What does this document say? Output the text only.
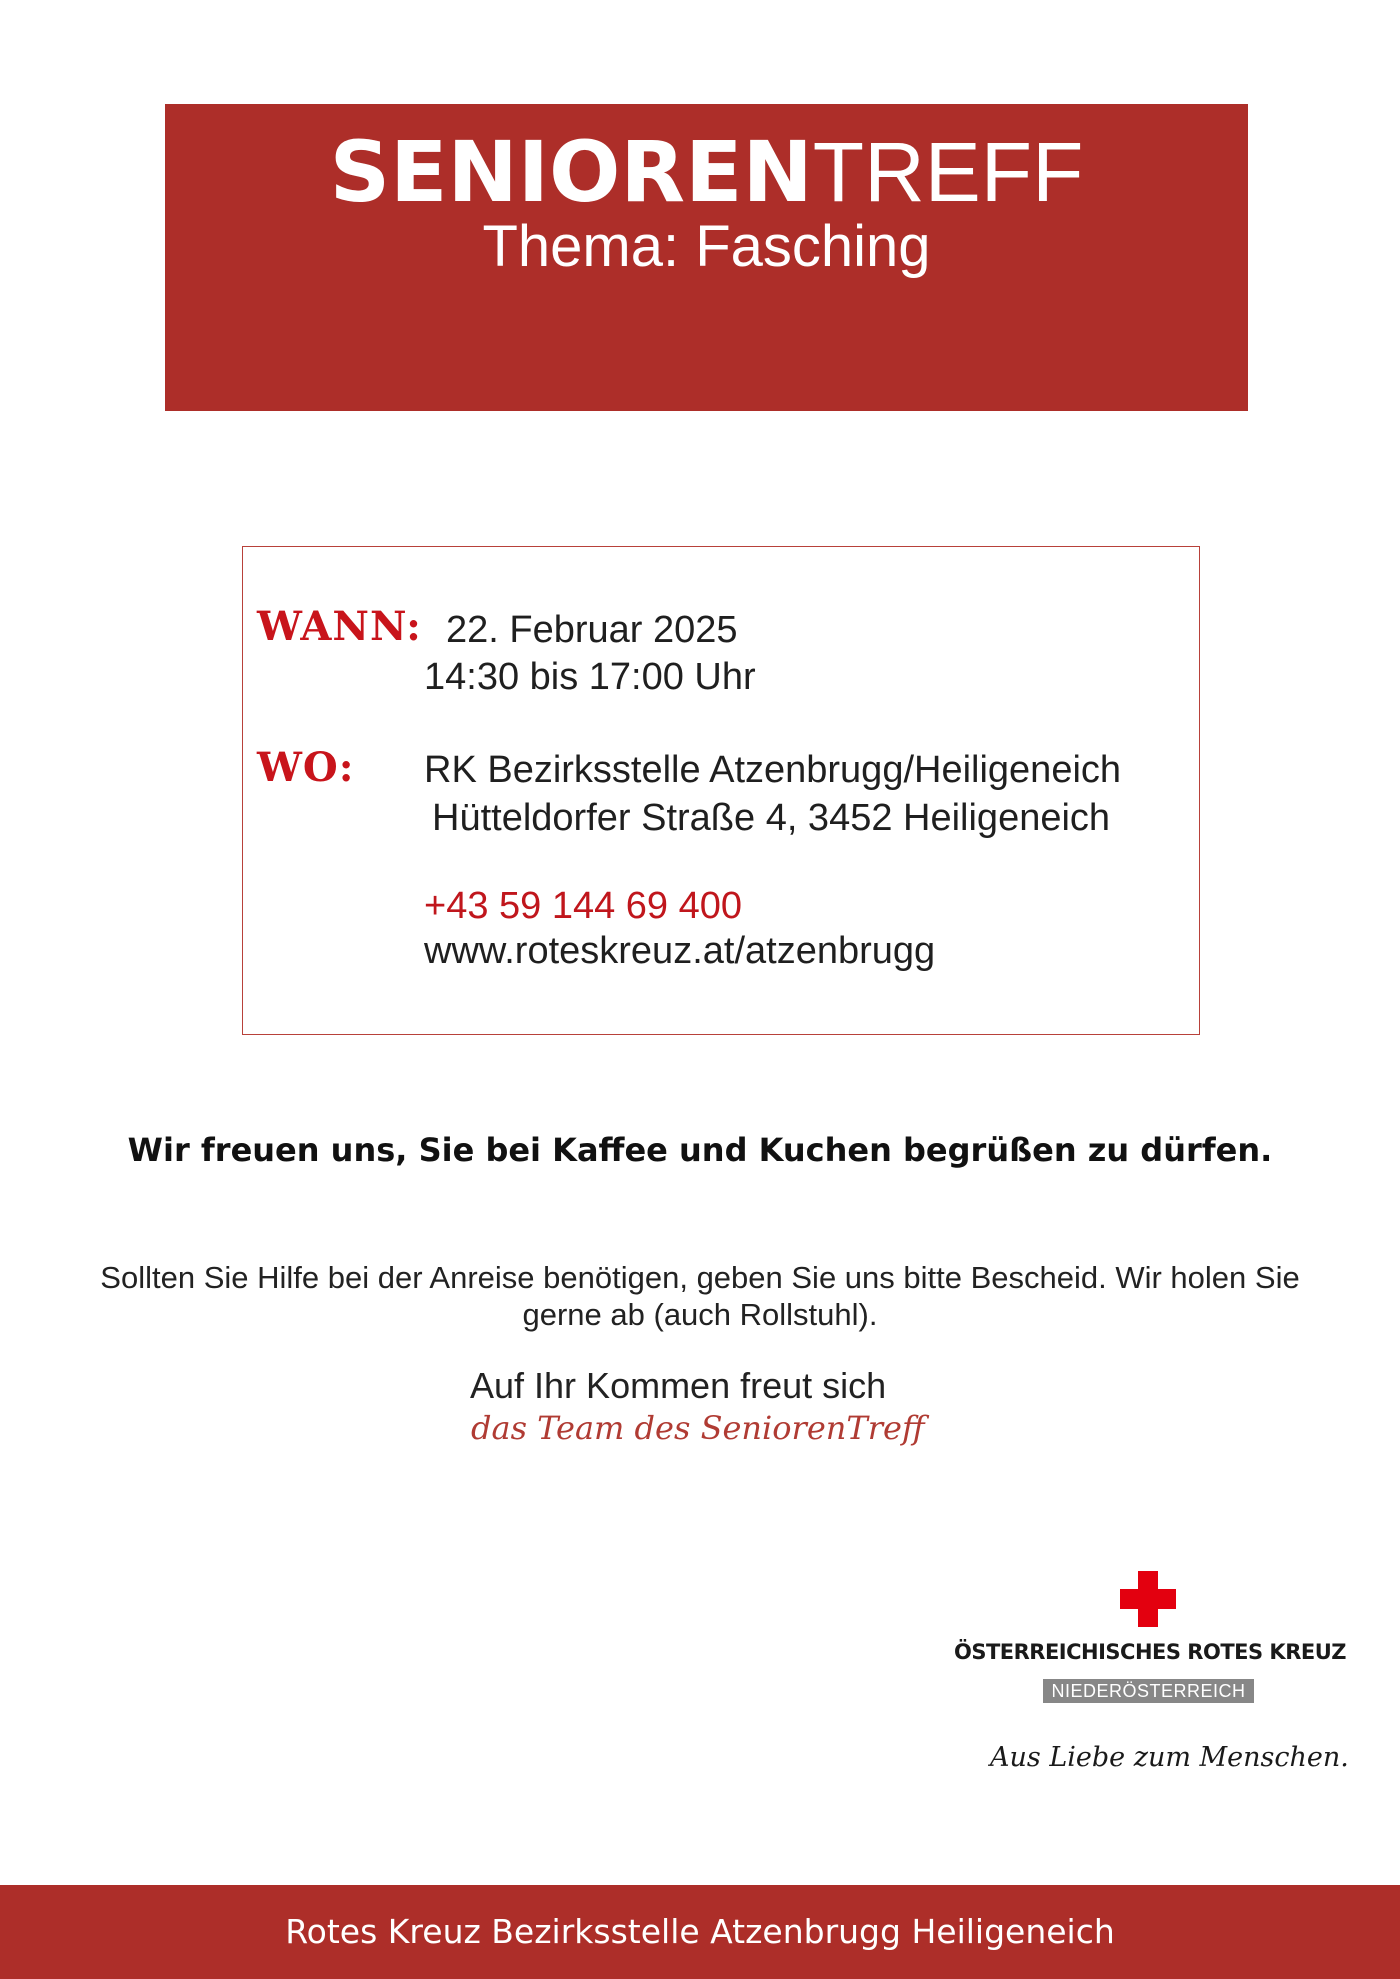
SENIORENTREFF
Thema: Fasching
WANN: 22. Februar 2025
14:30 bis 17:00 Uhr
WO: RK Bezirksstelle Atzenbrugg/Heiligeneich
Hütteldorfer Straße 4, 3452 Heiligeneich
+43 59 144 69 400
www.roteskreuz.at/atzenbrugg
Wir freuen uns, Sie bei Kaffee und Kuchen begrüßen zu dürfen.
Sollten Sie Hilfe bei der Anreise benötigen, geben Sie uns bitte Bescheid. Wir holen Sie gerne ab (auch Rollstuhl).
Auf Ihr Kommen freut sich
das Team des SeniorenTreff
ÖSTERREICHISCHES ROTES KREUZ
NIEDERÖSTERREICH
Aus Liebe zum Menschen.
Rotes Kreuz Bezirksstelle Atzenbrugg Heiligeneich
